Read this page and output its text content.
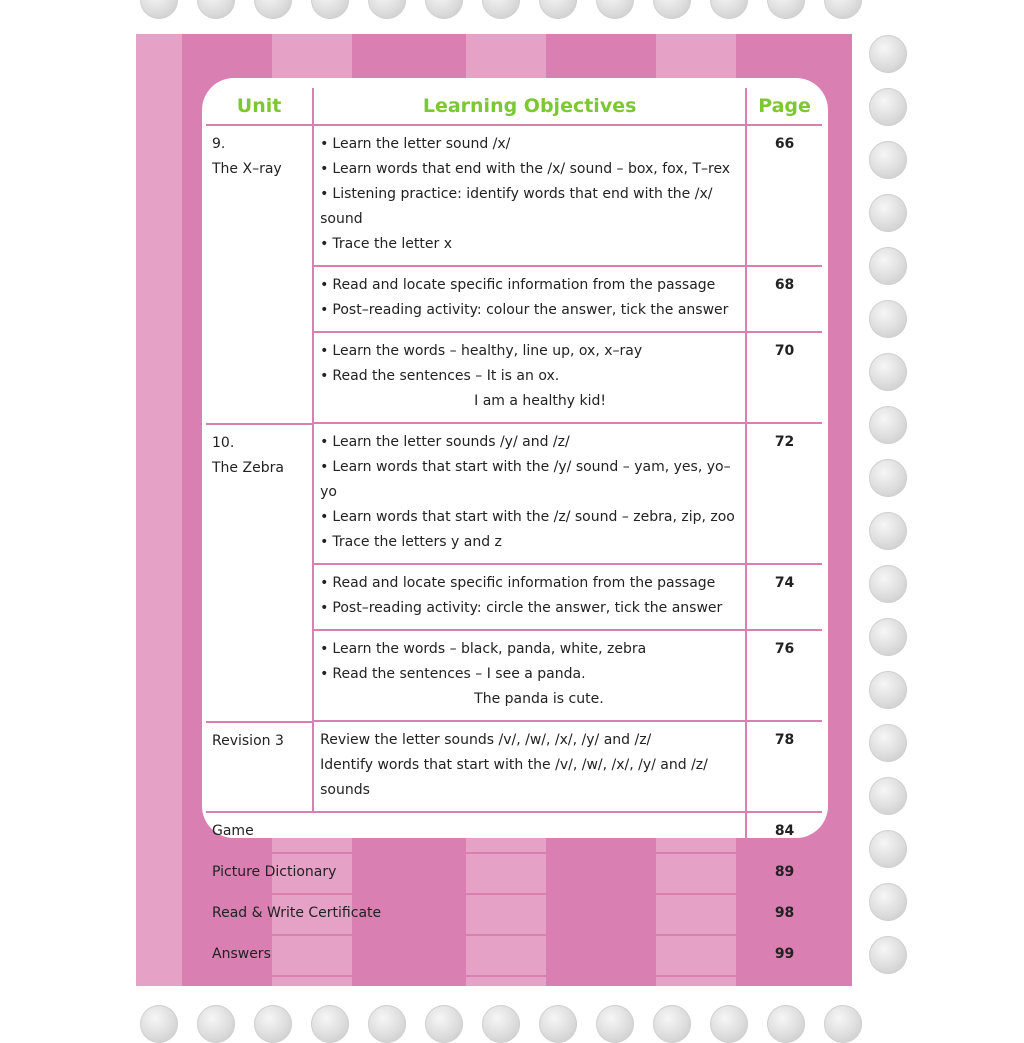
Unit	Learning Objectives	Page
9.
The X–ray	• Learn the letter sound /x/
• Learn words that end with the /x/ sound – box, fox, T–rex
• Listening practice: identify words that end with the /x/ sound
• Trace the letter x	66
	• Read and locate specific information from the passage
• Post–reading activity: colour the answer, tick the answer	68
	• Learn the words – healthy, line up, ox, x–ray
• Read the sentences – It is an ox.

I am a healthy kid!	70

10.
The Zebra	• Learn the letter sounds /y/ and /z/
• Learn words that start with the /y/ sound – yam, yes, yo–yo
• Learn words that start with the /z/ sound – zebra, zip, zoo
• Trace the letters y and z	72
	• Read and locate specific information from the passage
• Post–reading activity: circle the answer, tick the answer	74
	• Learn the words – black, panda, white, zebra
• Read the sentences – I see a panda.

The panda is cute.	76

Revision 3	Review the letter sounds /v/, /w/, /x/, /y/ and /z/
Identify words that start with the /v/, /w/, /x/, /y/ and /z/ sounds	78
Game		84
Picture Dictionary		89
Read & Write Certificate		98
Answers		99
